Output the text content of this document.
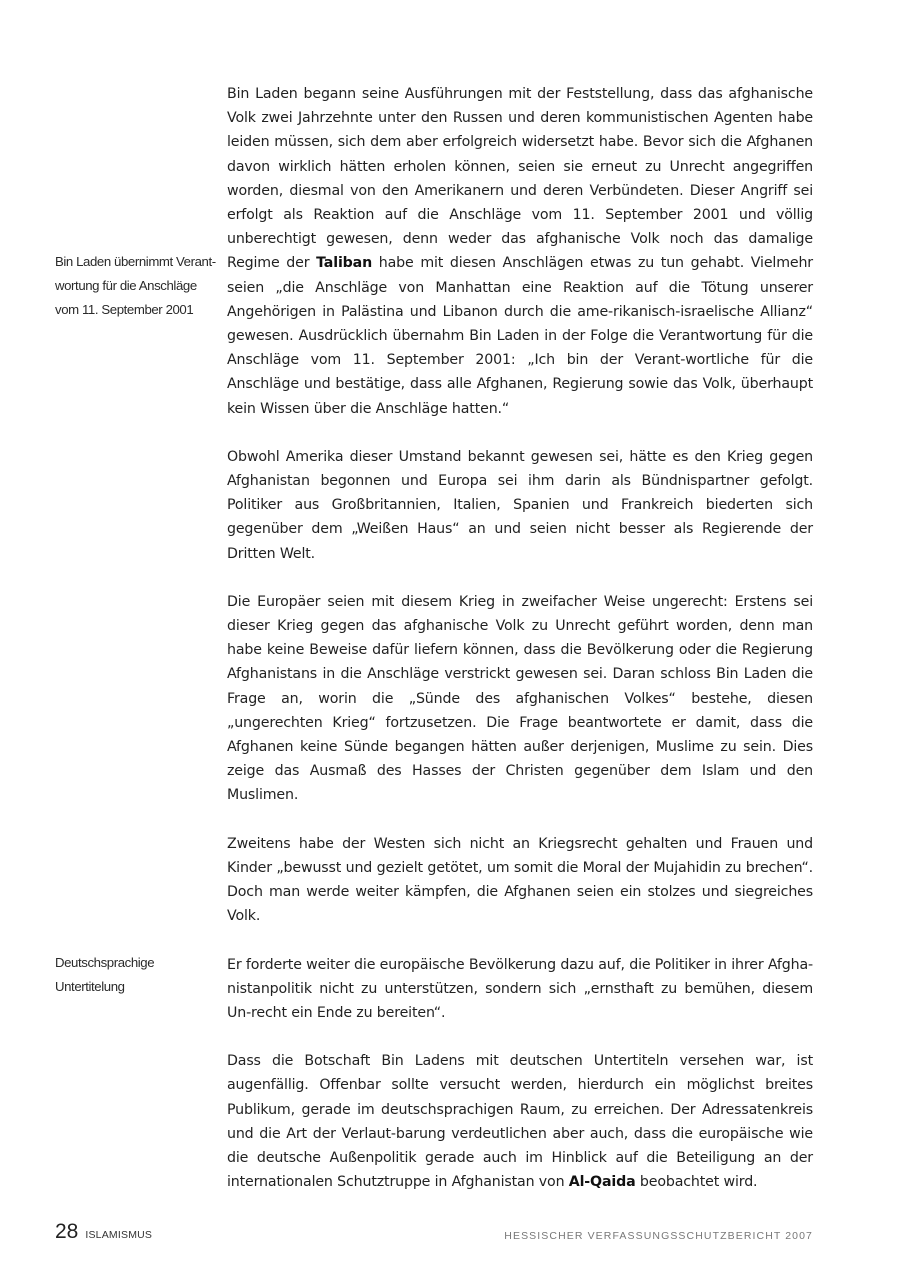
Bin Laden übernimmt Verant-
wortung für die Anschläge
vom 11. September 2001
Deutschsprachige
Untertitelung

Bin Laden begann seine Ausführungen mit der Feststellung, dass das afghanische Volk zwei Jahrzehnte unter den Russen und deren kommunistischen Agenten habe leiden müssen, sich dem aber erfolgreich widersetzt habe. Bevor sich die Afghanen davon wirklich hätten erholen können, seien sie erneut zu Unrecht angegriffen worden, diesmal von den Amerikanern und deren Verbündeten. Dieser Angriff sei erfolgt als Reaktion auf die Anschläge vom 11. September 2001 und völlig unberechtigt gewesen, denn weder das afghanische Volk noch das damalige Regime der Taliban habe mit diesen Anschlägen etwas zu tun gehabt. Vielmehr seien „die Anschläge von Manhattan eine Reaktion auf die Tötung unserer Angehörigen in Palästina und Libanon durch die ame-rikanisch-israelische Allianz“ gewesen. Ausdrücklich übernahm Bin Laden in der Folge die Verantwortung für die Anschläge vom 11. September 2001: „Ich bin der Verant-wortliche für die Anschläge und bestätige, dass alle Afghanen, Regierung sowie das Volk, überhaupt kein Wissen über die Anschläge hatten.“

Obwohl Amerika dieser Umstand bekannt gewesen sei, hätte es den Krieg gegen Afghanistan begonnen und Europa sei ihm darin als Bündnispartner gefolgt. Politiker aus Großbritannien, Italien, Spanien und Frankreich biederten sich gegenüber dem „Weißen Haus“ an und seien nicht besser als Regierende der Dritten Welt.

Die Europäer seien mit diesem Krieg in zweifacher Weise ungerecht: Erstens sei dieser Krieg gegen das afghanische Volk zu Unrecht geführt worden, denn man habe keine Beweise dafür liefern können, dass die Bevölkerung oder die Regierung Afghanistans in die Anschläge verstrickt gewesen sei. Daran schloss Bin Laden die Frage an, worin die „Sünde des afghanischen Volkes“ bestehe, diesen „ungerechten Krieg“ fortzusetzen. Die Frage beantwortete er damit, dass die Afghanen keine Sünde begangen hätten außer derjenigen, Muslime zu sein. Dies zeige das Ausmaß des Hasses der Christen gegenüber dem Islam und den Muslimen.

Zweitens habe der Westen sich nicht an Kriegsrecht gehalten und Frauen und Kinder „bewusst und gezielt getötet, um somit die Moral der Mujahidin zu brechen“. Doch man werde weiter kämpfen, die Afghanen seien ein stolzes und siegreiches Volk.

Er forderte weiter die europäische Bevölkerung dazu auf, die Politiker in ihrer Afgha-nistanpolitik nicht zu unterstützen, sondern sich „ernsthaft zu bemühen, diesem Un-recht ein Ende zu bereiten“.

Dass die Botschaft Bin Ladens mit deutschen Untertiteln versehen war, ist augenfällig. Offenbar sollte versucht werden, hierdurch ein möglichst breites Publikum, gerade im deutschsprachigen Raum, zu erreichen. Der Adressatenkreis und die Art der Verlaut-barung verdeutlichen aber auch, dass die europäische wie die deutsche Außenpolitik gerade auch im Hinblick auf die Beteiligung an der internationalen Schutztruppe in Afghanistan von Al-Qaida beobachtet wird.

28 ISLAMISMUS	HESSISCHER VERFASSUNGSSCHUTZBERICHT 2007
